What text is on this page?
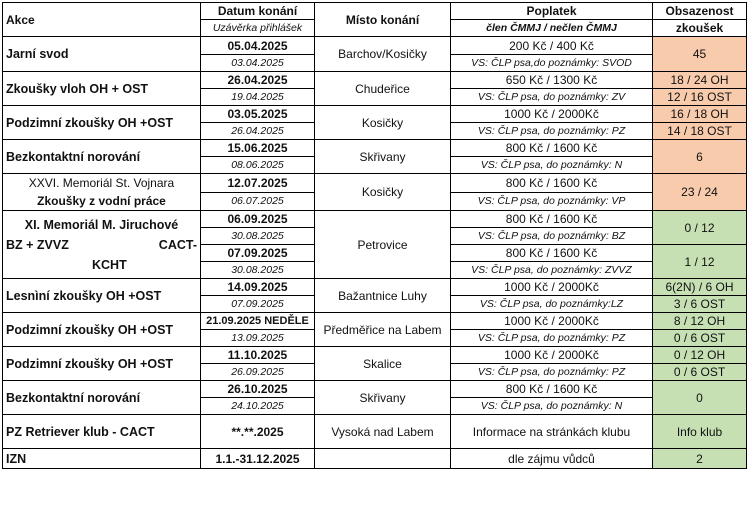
Akce	Datum konání	Místo konání	Poplatek	Obsazenost
	Uzávěrka přihlášek		člen ČMMJ / nečlen ČMMJ	zkoušek
Jarní svod	05.04.2025	Barchov/Kosičky	200 Kč / 400 Kč	45
	03.04.2025		VS: ČLP psa,do poznámky: SVOD	
Zkoušky vloh OH + OST	26.04.2025	Chudeřice	650 Kč / 1300 Kč	18 / 24 OH
	19.04.2025		VS: ČLP psa, do poznámky: ZV	12 / 16 OST
Podzimní zkoušky OH +OST	03.05.2025	Kosičky	1000 Kč / 2000Kč	16 / 18 OH
	26.04.2025		VS: ČLP psa, do poznámky: PZ	14 / 18 OST
Bezkontaktní norování	15.06.2025	Skřivany	800 Kč / 1600 Kč	6
	08.06.2025		VS: ČLP psa, do poznámky: N	
XXVI. Memoriál St. Vojnara
Zkoušky z vodní práce	12.07.2025	Kosičky	800 Kč / 1600 Kč	23 / 24
	06.07.2025		VS: ČLP psa, do poznámky: VP	

XI. Memoriál M. Jiruchové
BZ + ZVVZ CACT-
KCHT	06.09.2025	Petrovice	800 Kč / 1600 Kč	0 / 12
	30.08.2025		VS: ČLP psa, do poznámky: BZ	
	07.09.2025		800 Kč / 1600 Kč	1 / 12
	30.08.2025		VS: ČLP psa, do poznámky: ZVVZ	
Lesnìní zkoušky OH +OST	14.09.2025	Bažantnice Luhy	1000 Kč / 2000Kč	6(2N) / 6 OH
	07.09.2025		VS: ČLP psa, do poznámky:LZ	3 / 6 OST
Podzimní zkoušky OH +OST	21.09.2025 NEDĚLE	Předměřice na Labem	1000 Kč / 2000Kč	8 / 12 OH
	13.09.2025		VS: ČLP psa, do poznámky: PZ	0 / 6 OST
Podzimní zkoušky OH +OST	11.10.2025	Skalice	1000 Kč / 2000Kč	0 / 12 OH
	26.09.2025		VS: ČLP psa, do poznámky: PZ	0 / 6 OST
Bezkontaktní norování	26.10.2025	Skřivany	800 Kč / 1600 Kč	0
	24.10.2025		VS: ČLP psa, do poznámky: N	
PZ Retriever klub - CACT	**.**.2025	Vysoká nad Labem	Informace na stránkách klubu	Info klub
IZN	1.1.-31.12.2025		dle zájmu vůdců	2
